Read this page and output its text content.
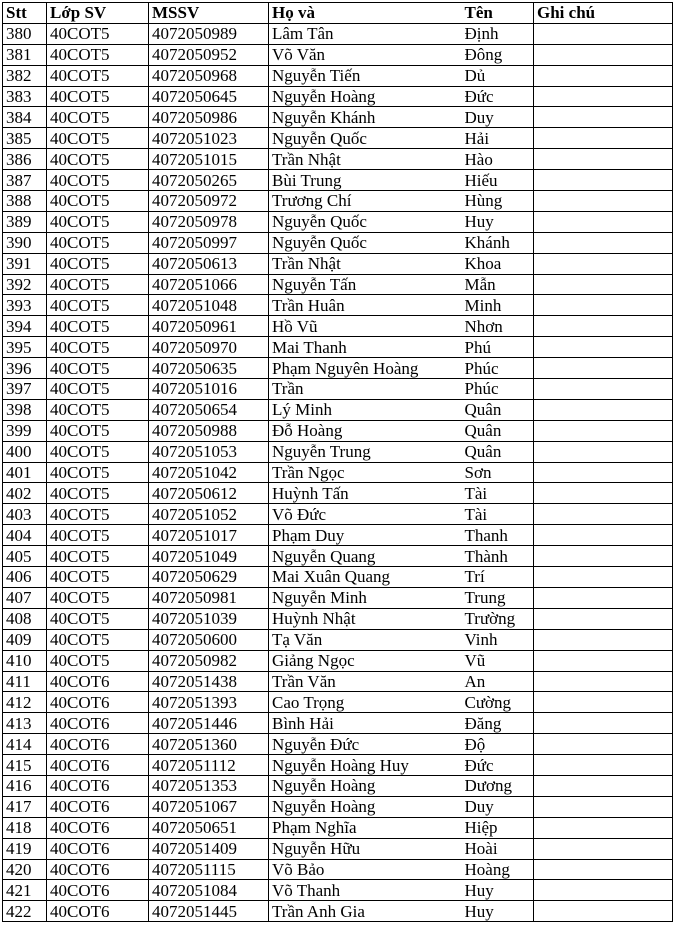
Stt	Lớp SV	MSSV	Họ và	Tên	Ghi chú
380	40COT5	4072050989	Lâm Tân	Định	
381	40COT5	4072050952	Võ Văn	Đông	
382	40COT5	4072050968	Nguyễn Tiến	Dủ	
383	40COT5	4072050645	Nguyễn Hoàng	Đức	
384	40COT5	4072050986	Nguyễn Khánh	Duy	
385	40COT5	4072051023	Nguyễn Quốc	Hải	
386	40COT5	4072051015	Trần Nhật	Hào	
387	40COT5	4072050265	Bùi Trung	Hiếu	
388	40COT5	4072050972	Trương Chí	Hùng	
389	40COT5	4072050978	Nguyễn Quốc	Huy	
390	40COT5	4072050997	Nguyễn Quốc	Khánh	
391	40COT5	4072050613	Trần Nhật	Khoa	
392	40COT5	4072051066	Nguyễn Tấn	Mẫn	
393	40COT5	4072051048	Trần Huân	Minh	
394	40COT5	4072050961	Hồ Vũ	Nhơn	
395	40COT5	4072050970	Mai Thanh	Phú	
396	40COT5	4072050635	Phạm Nguyên Hoàng	Phúc	
397	40COT5	4072051016	Trần	Phúc	
398	40COT5	4072050654	Lý Minh	Quân	
399	40COT5	4072050988	Đỗ Hoàng	Quân	
400	40COT5	4072051053	Nguyễn Trung	Quân	
401	40COT5	4072051042	Trần Ngọc	Sơn	
402	40COT5	4072050612	Huỳnh Tấn	Tài	
403	40COT5	4072051052	Võ Đức	Tài	
404	40COT5	4072051017	Phạm Duy	Thanh	
405	40COT5	4072051049	Nguyễn Quang	Thành	
406	40COT5	4072050629	Mai Xuân Quang	Trí	
407	40COT5	4072050981	Nguyễn Minh	Trung	
408	40COT5	4072051039	Huỳnh Nhật	Trường	
409	40COT5	4072050600	Tạ Văn	Vinh	
410	40COT5	4072050982	Giảng Ngọc	Vũ	
411	40COT6	4072051438	Trần Văn	An	
412	40COT6	4072051393	Cao Trọng	Cường	
413	40COT6	4072051446	Bình Hải	Đăng	
414	40COT6	4072051360	Nguyễn Đức	Độ	
415	40COT6	4072051112	Nguyễn Hoàng Huy	Đức	
416	40COT6	4072051353	Nguyễn Hoàng	Dương	
417	40COT6	4072051067	Nguyễn Hoàng	Duy	
418	40COT6	4072050651	Phạm Nghĩa	Hiệp	
419	40COT6	4072051409	Nguyễn Hữu	Hoài	
420	40COT6	4072051115	Võ Bảo	Hoàng	
421	40COT6	4072051084	Võ Thanh	Huy	
422	40COT6	4072051445	Trần Anh Gia	Huy	
